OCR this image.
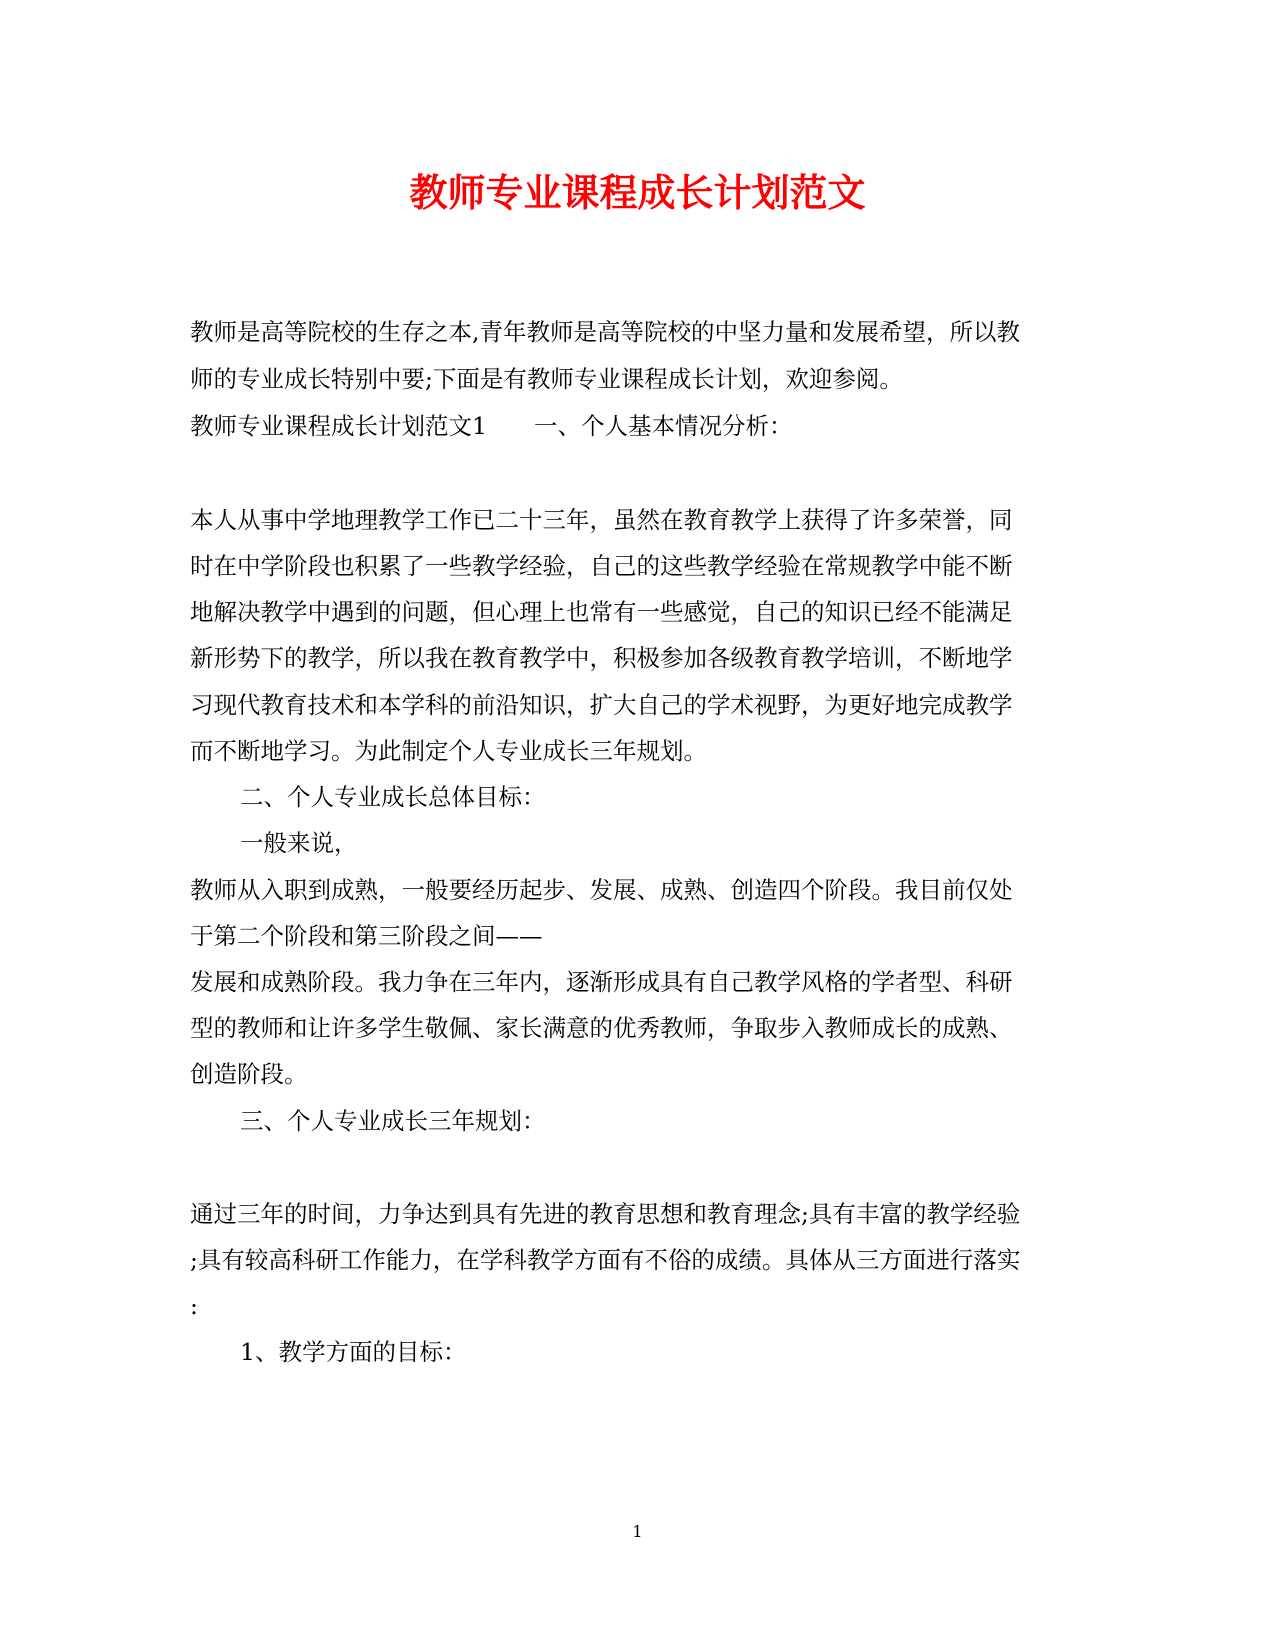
教师专业课程成长计划范文
教师是高等院校的生存之本,青年教师是高等院校的中坚力量和发展希望，所以教
师的专业成长特别中要;下面是有教师专业课程成长计划，欢迎参阅。
教师专业课程成长计划范文1　　一、个人基本情况分析：
本人从事中学地理教学工作已二十三年，虽然在教育教学上获得了许多荣誉，同
时在中学阶段也积累了一些教学经验，自己的这些教学经验在常规教学中能不断
地解决教学中遇到的问题，但心理上也常有一些感觉，自己的知识已经不能满足
新形势下的教学，所以我在教育教学中，积极参加各级教育教学培训，不断地学
习现代教育技术和本学科的前沿知识，扩大自己的学术视野，为更好地完成教学
而不断地学习。为此制定个人专业成长三年规划。
二、个人专业成长总体目标：
一般来说，
教师从入职到成熟，一般要经历起步、发展、成熟、创造四个阶段。我目前仅处
于第二个阶段和第三阶段之间——
发展和成熟阶段。我力争在三年内，逐渐形成具有自己教学风格的学者型、科研
型的教师和让许多学生敬佩、家长满意的优秀教师，争取步入教师成长的成熟、
创造阶段。
三、个人专业成长三年规划：
通过三年的时间，力争达到具有先进的教育思想和教育理念;具有丰富的教学经验
;具有较高科研工作能力，在学科教学方面有不俗的成绩。具体从三方面进行落实
:
1、教学方面的目标：
1
